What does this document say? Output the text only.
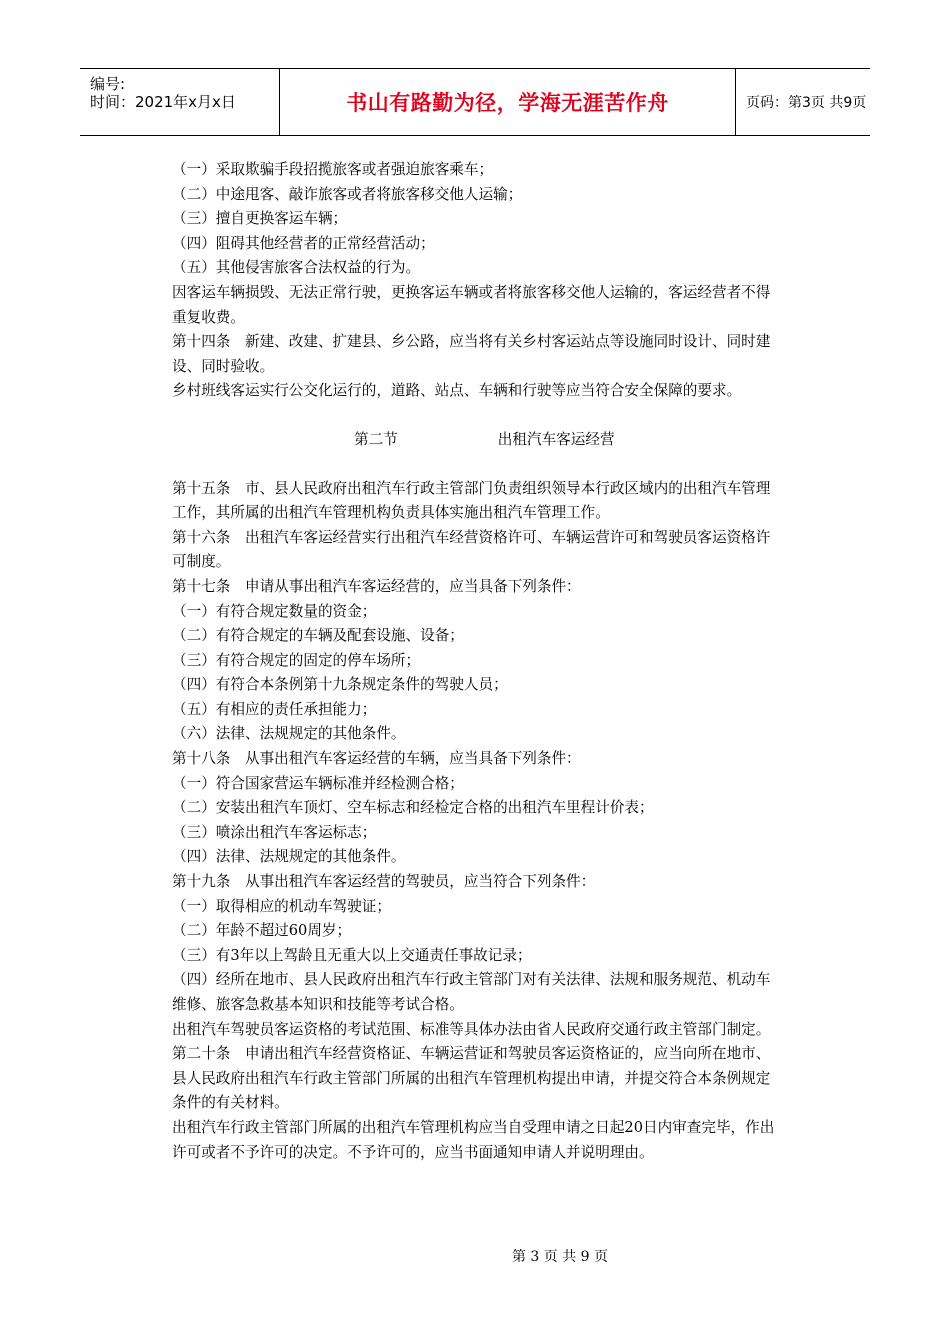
编号:
时间：2021年x月x日	书山有路勤为径，学海无涯苦作舟	页码：第3页 共9页

（一）采取欺骗手段招揽旅客或者强迫旅客乘车；

（二）中途甩客、敲诈旅客或者将旅客移交他人运输；

（三）擅自更换客运车辆；

（四）阻碍其他经营者的正常经营活动；

（五）其他侵害旅客合法权益的行为。

因客运车辆损毁、无法正常行驶，更换客运车辆或者将旅客移交他人运输的，客运经营者不得重复收费。

第十四条　新建、改建、扩建县、乡公路，应当将有关乡村客运站点等设施同时设计、同时建设、同时验收。

乡村班线客运实行公交化运行的，道路、站点、车辆和行驶等应当符合安全保障的要求。

第二节	出租汽车客运经营

第十五条　市、县人民政府出租汽车行政主管部门负责组织领导本行政区域内的出租汽车管理工作，其所属的出租汽车管理机构负责具体实施出租汽车管理工作。

第十六条　出租汽车客运经营实行出租汽车经营资格许可、车辆运营许可和驾驶员客运资格许可制度。

第十七条　申请从事出租汽车客运经营的，应当具备下列条件：

（一）有符合规定数量的资金；

（二）有符合规定的车辆及配套设施、设备；

（三）有符合规定的固定的停车场所；

（四）有符合本条例第十九条规定条件的驾驶人员；

（五）有相应的责任承担能力；

（六）法律、法规规定的其他条件。

第十八条　从事出租汽车客运经营的车辆，应当具备下列条件：

（一）符合国家营运车辆标准并经检测合格；

（二）安装出租汽车顶灯、空车标志和经检定合格的出租汽车里程计价表；

（三）喷涂出租汽车客运标志；

（四）法律、法规规定的其他条件。

第十九条　从事出租汽车客运经营的驾驶员，应当符合下列条件：

（一）取得相应的机动车驾驶证；

（二）年龄不超过60周岁；

（三）有3年以上驾龄且无重大以上交通责任事故记录；

（四）经所在地市、县人民政府出租汽车行政主管部门对有关法律、法规和服务规范、机动车维修、旅客急救基本知识和技能等考试合格。

出租汽车驾驶员客运资格的考试范围、标准等具体办法由省人民政府交通行政主管部门制定。

第二十条　申请出租汽车经营资格证、车辆运营证和驾驶员客运资格证的，应当向所在地市、县人民政府出租汽车行政主管部门所属的出租汽车管理机构提出申请，并提交符合本条例规定条件的有关材料。

出租汽车行政主管部门所属的出租汽车管理机构应当自受理申请之日起20日内审查完毕，作出许可或者不予许可的决定。不予许可的，应当书面通知申请人并说明理由。

第 3 页 共 9 页
